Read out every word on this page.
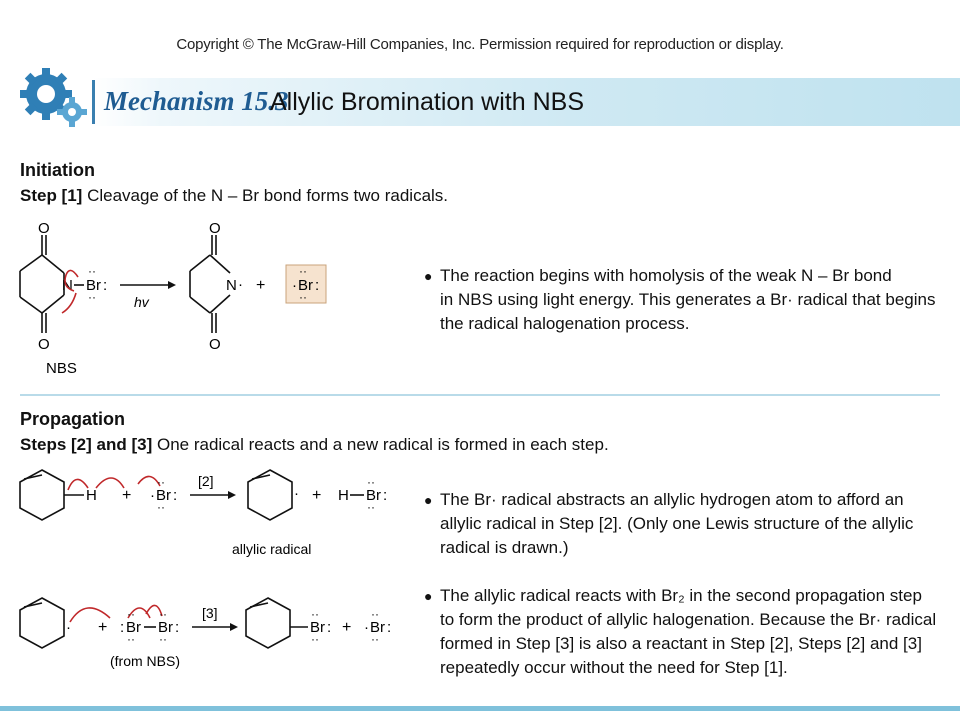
Copyright © The McGraw-Hill Companies, Inc. Permission required for reproduction or display.
Mechanism 15.3
Allylic Bromination with NBS
Initiation
Step [1] Cleavage of the N – Br bond forms two radicals.
O
O
N Br :
··
··
NBS
hv
O
O
N · + · Br :
··
··
● The reaction begins with homolysis of the weak N – Br bond
in NBS using light energy. This generates a Br· radical that begins
the radical halogenation process.
Propagation
Steps [2] and [3] One radical reacts and a new radical is formed in each step.
H + · Br :
··
··
[2]
· + H Br :
··
··
allylic radical
· + : Br Br :
··
··
··
··
(from NBS)
[3]
Br :
··
··
+ · Br :
··
··
● The Br· radical abstracts an allylic hydrogen atom to afford an
allylic radical in Step [2]. (Only one Lewis structure of the allylic
radical is drawn.)
● The allylic radical reacts with Br₂ in the second propagation step
to form the product of allylic halogenation. Because the Br· radical
formed in Step [3] is also a reactant in Step [2], Steps [2] and [3]
repeatedly occur without the need for Step [1].
